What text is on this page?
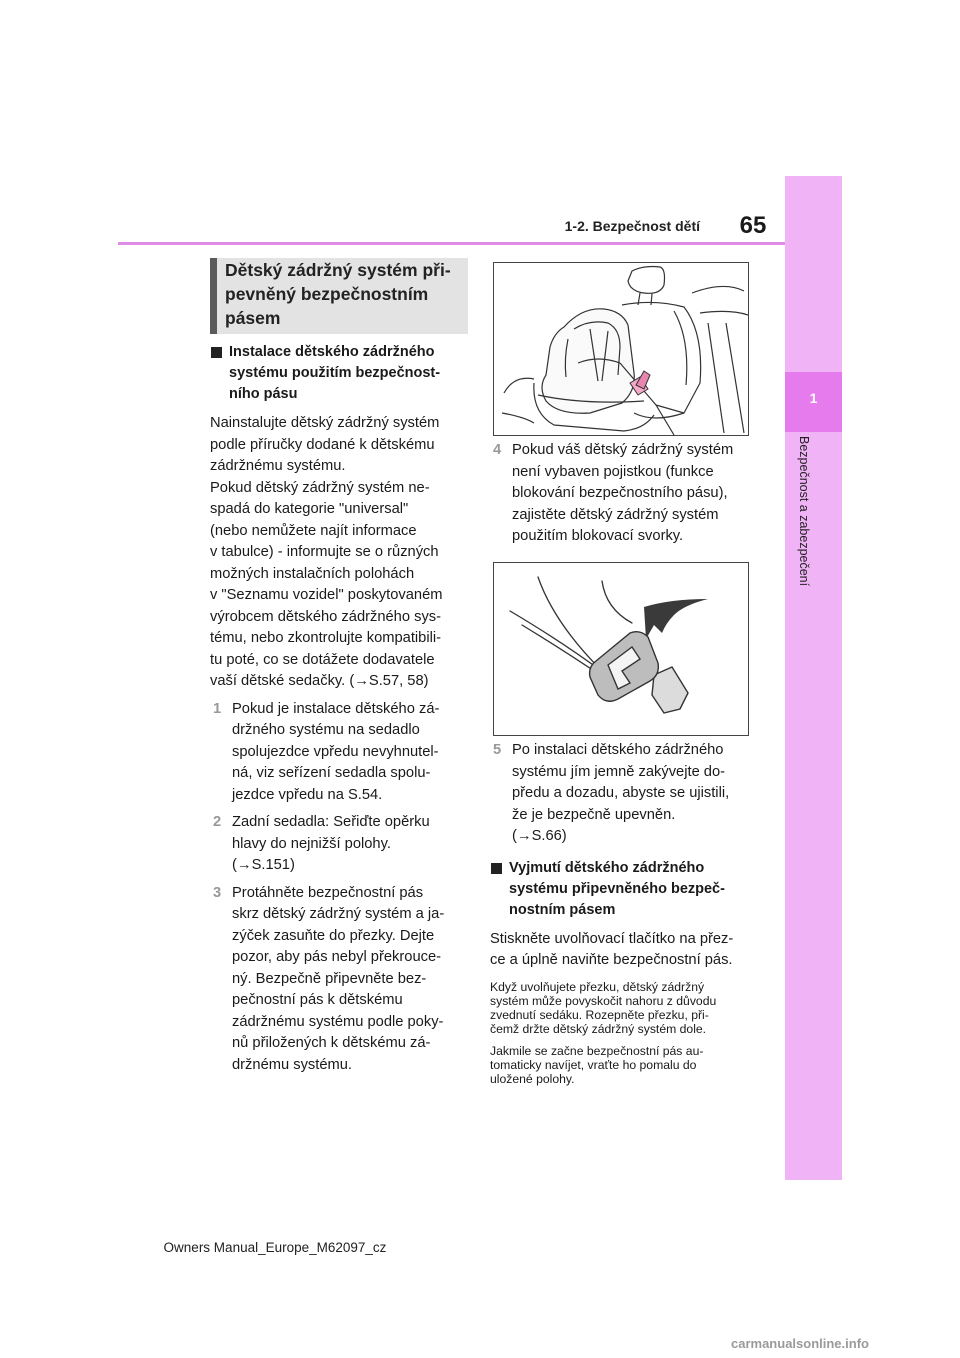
1-2. Bezpečnost dětí	65
1
Bezpečnost a zabezpečení
Dětský zádržný systém při-
pevněný bezpečnostním
pásem
Instalace dětského zádržného
systému použitím bezpečnost-
ního pásu
Nainstalujte dětský zádržný systém
podle příručky dodané k dětskému
zádržnému systému.
Pokud dětský zádržný systém ne-
spadá do kategorie "universal"
(nebo nemůžete najít informace
v tabulce) - informujte se o různých
možných instalačních polohách
v "Seznamu vozidel" poskytovaném
výrobcem dětského zádržného sys-
tému, nebo zkontrolujte kompatibili-
tu poté, co se dotážete dodavatele
vaší dětské sedačky. (→S.57, 58)
1 Pokud je instalace dětského zá-
držného systému na sedadlo
spolujezdce vpředu nevyhnutel-
ná, viz seřízení sedadla spolu-
jezdce vpředu na S.54.
2 Zadní sedadla: Seřiďte opěrku
hlavy do nejnižší polohy.
(→S.151)
3 Protáhněte bezpečnostní pás
skrz dětský zádržný systém a ja-
zýček zasuňte do přezky. Dejte
pozor, aby pás nebyl překrouce-
ný. Bezpečně připevněte bez-
pečnostní pás k dětskému
zádržnému systému podle poky-
nů přiložených k dětskému zá-
držnému systému.
4 Pokud váš dětský zádržný systém
není vybaven pojistkou (funkce
blokování bezpečnostního pásu),
zajistěte dětský zádržný systém
použitím blokovací svorky.
5 Po instalaci dětského zádržného
systému jím jemně zakývejte do-
předu a dozadu, abyste se ujistili,
že je bezpečně upevněn.
(→S.66)
Vyjmutí dětského zádržného
systému připevněného bezpeč-
nostním pásem
Stiskněte uvolňovací tlačítko na přez-
ce a úplně naviňte bezpečnostní pás.
Když uvolňujete přezku, dětský zádržný
systém může povyskočit nahoru z důvodu
zvednutí sedáku. Rozepněte přezku, při-
čemž držte dětský zádržný systém dole.
Jakmile se začne bezpečnostní pás au-
tomaticky navíjet, vraťte ho pomalu do
uložené polohy.
Owners Manual_Europe_M62097_cz
carmanualsonline.info
